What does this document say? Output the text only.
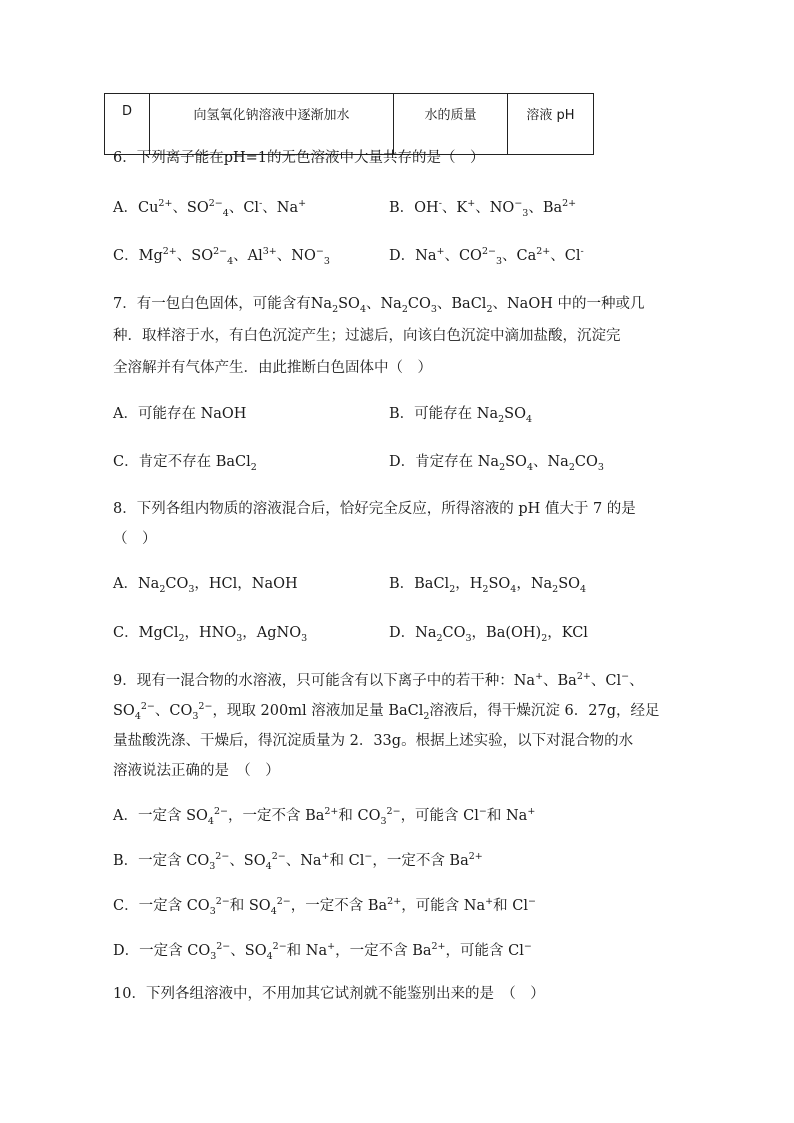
D	向氢氧化钠溶液中逐渐加水	水的质量	溶液 pH
6．下列离子能在pH=1的无色溶液中大量共存的是（　）
A．$Cu^{2+}$、$SO^{2-}_4$、Cl-、Na+	B．OH-、K+、$NO^-_3$、$Ba^{2+}$
C．$Mg^{2+}$、$SO^{2-}_4$、$Al^{3+}$、$NO^-_3$	D．Na+、$CO^{2-}_3$、$Ca^{2+}$、Cl-
7．有一包白色固体，可能含有$Na_2SO_4$、$Na_2CO_3$、BaCl$_2$、NaOH 中的一种或几
种．取样溶于水，有白色沉淀产生；过滤后，向该白色沉淀中滴加盐酸，沉淀完
全溶解并有气体产生．由此推断白色固体中（　）
A．可能存在 NaOH	B．可能存在 $Na_2SO_4$
C．肯定不存在 BaCl$_2$	D．肯定存在 $Na_2SO_4$、$Na_2CO_3$
8．下列各组内物质的溶液混合后，恰好完全反应，所得溶液的 pH 值大于 7 的是
（　）
A．$Na_2CO_3$，HCl，NaOH	B．BaCl$_2$，$H_2SO_4$，$Na_2SO_4$
C．MgCl$_2$，$HNO_3$，AgNO$_3$	D．$Na_2CO_3$，$Ba(OH)_2$，KCl
9．现有一混合物的水溶液，只可能含有以下离子中的若干种：Na+、$Ba^{2+}$、Cl−、
$SO_4^{2-}$、$CO_3^{2-}$，现取 200ml 溶液加足量 BaCl$_2$溶液后，得干燥沉淀 6．27g，经足
量盐酸洗涤、干燥后，得沉淀质量为 2．33g。根据上述实验，以下对混合物的水
溶液说法正确的是　（　）
A．一定含 $SO_4^{2-}$，一定不含 $Ba^{2+}$和 $CO_3^{2-}$，可能含 Cl−和 Na+
B．一定含 $CO_3^{2-}$、$SO_4^{2-}$、Na+和 Cl−，一定不含 $Ba^{2+}$
C．一定含 $CO_3^{2-}$和 $SO_4^{2-}$，一定不含 $Ba^{2+}$，可能含 Na+和 Cl−
D．一定含 $CO_3^{2-}$、$SO_4^{2-}$和 Na+，一定不含 $Ba^{2+}$，可能含 Cl−
10．下列各组溶液中，不用加其它试剂就不能鉴别出来的是　（　）
